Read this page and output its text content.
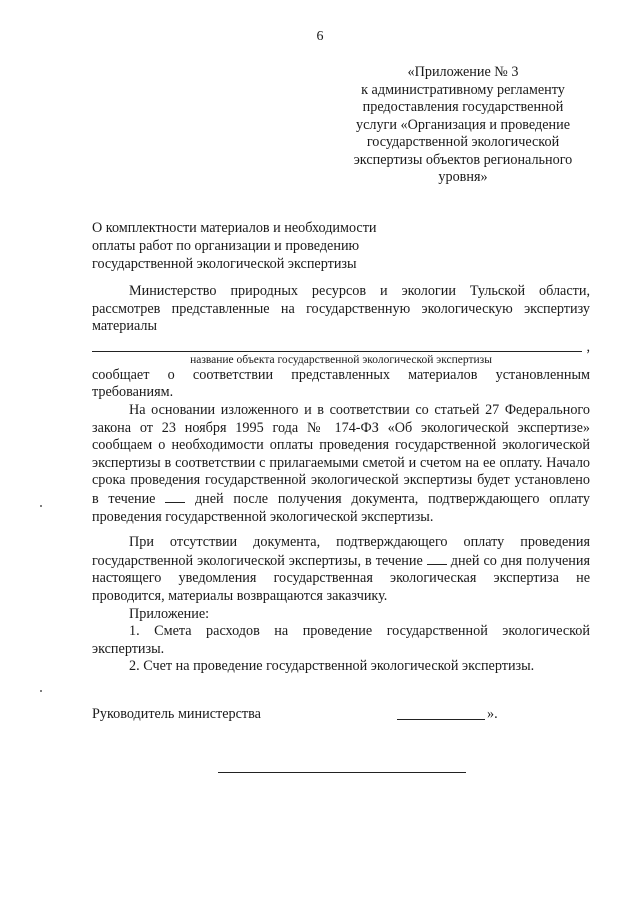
6
«Приложение № 3
к административному регламенту
предоставления государственной
услуги «Организация и проведение
государственной экологической
экспертизы объектов регионального
уровня»
О комплектности материалов и необходимости
оплаты работ по организации и проведению
государственной экологической экспертизы

Министерство природных ресурсов и экологии Тульской области, рассмотрев представленные на государственную экологическую экспертизу материалы

,

название объекта государственной экологической экспертизы

сообщает о соответствии представленных материалов установленным требованиям.

На основании изложенного и в соответствии со статьей 27 Федерального закона от 23 ноября 1995 года № 174-ФЗ «Об экологической экспертизе» сообщаем о необходимости оплаты проведения государственной экологической экспертизы в соответствии с прилагаемыми сметой и счетом на ее оплату. Начало срока проведения государственной экологической экспертизы будет установлено в течение	дней после получения документа, подтверждающего оплату проведения государственной экологической экспертизы.

При отсутствии документа, подтверждающего оплату проведения государственной экологической экспертизы, в течение дней со дня получения настоящего уведомления государственная экологическая экспертиза не проводится, материалы возвращаются заказчику.

Приложение:

1. Смета расходов на проведение государственной экологической экспертизы.

2. Счет на проведение государственной экологической экспертизы.

Руководитель министерства	».
